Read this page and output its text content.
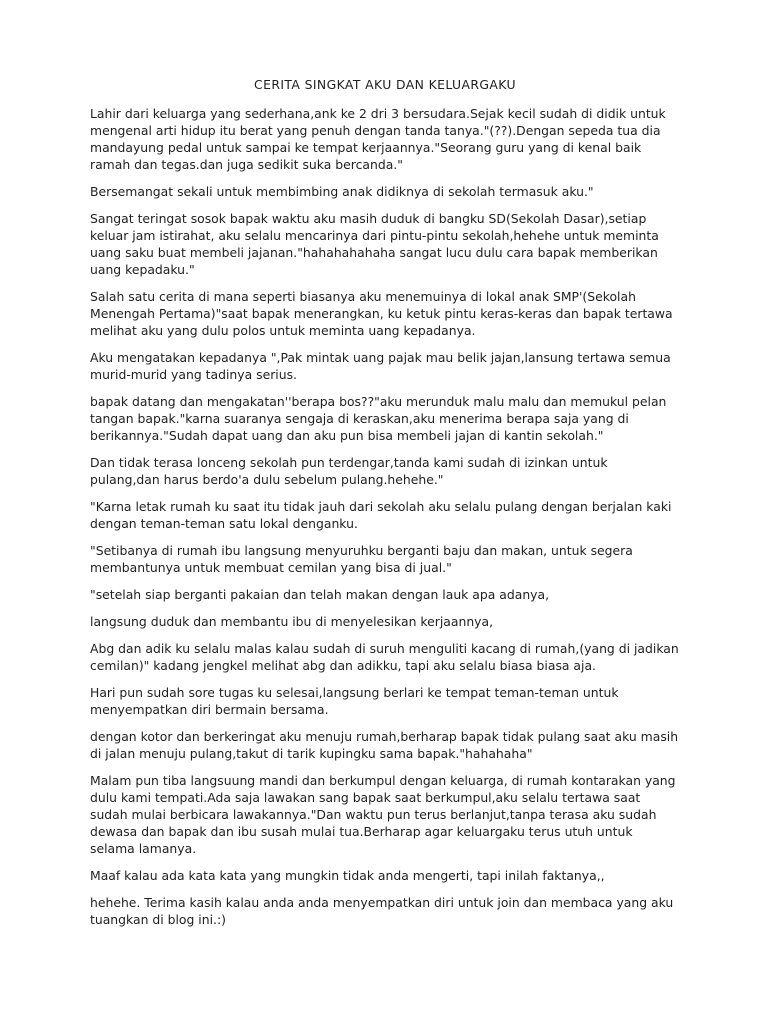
CERITA SINGKAT AKU DAN KELUARGAKU

Lahir dari keluarga yang sederhana,ank ke 2 dri 3 bersudara.Sejak kecil sudah di didik untuk mengenal arti hidup itu berat yang penuh dengan tanda tanya."(??).Dengan sepeda tua dia mandayung pedal untuk sampai ke tempat kerjaannya."Seorang guru yang di kenal baik ramah dan tegas.dan juga sedikit suka bercanda."

Bersemangat sekali untuk membimbing anak didiknya di sekolah termasuk aku."

Sangat teringat sosok bapak waktu aku masih duduk di bangku SD(Sekolah Dasar),setiap keluar jam istirahat, aku selalu mencarinya dari pintu-pintu sekolah,hehehe untuk meminta uang saku buat membeli jajanan."hahahahahaha sangat lucu dulu cara bapak memberikan uang kepadaku."

Salah satu cerita di mana seperti biasanya aku menemuinya di lokal anak SMP'(Sekolah Menengah Pertama)"saat bapak menerangkan, ku ketuk pintu keras-keras dan bapak tertawa melihat aku yang dulu polos untuk meminta uang kepadanya.

Aku mengatakan kepadanya ",Pak mintak uang pajak mau belik jajan,lansung tertawa semua murid-murid yang tadinya serius.

bapak datang dan mengakatan''berapa bos??"aku merunduk malu malu dan memukul pelan tangan bapak."karna suaranya sengaja di keraskan,aku menerima berapa saja yang di berikannya."Sudah dapat uang dan aku pun bisa membeli jajan di kantin sekolah."

Dan tidak terasa lonceng sekolah pun terdengar,tanda kami sudah di izinkan untuk pulang,dan harus berdo'a dulu sebelum pulang.hehehe."

"Karna letak rumah ku saat itu tidak jauh dari sekolah aku selalu pulang dengan berjalan kaki dengan teman-teman satu lokal denganku.

"Setibanya di rumah ibu langsung menyuruhku berganti baju dan makan, untuk segera membantunya untuk membuat cemilan yang bisa di jual."

"setelah siap berganti pakaian dan telah makan dengan lauk apa adanya,

langsung duduk dan membantu ibu di menyelesikan kerjaannya,

Abg dan adik ku selalu malas kalau sudah di suruh menguliti kacang di rumah,(yang di jadikan cemilan)" kadang jengkel melihat abg dan adikku, tapi aku selalu biasa biasa aja.

Hari pun sudah sore tugas ku selesai,langsung berlari ke tempat teman-teman untuk menyempatkan diri bermain bersama.

dengan kotor dan berkeringat aku menuju rumah,berharap bapak tidak pulang saat aku masih di jalan menuju pulang,takut di tarik kupingku sama bapak."hahahaha"

Malam pun tiba langsuung mandi dan berkumpul dengan keluarga, di rumah kontarakan yang dulu kami tempati.Ada saja lawakan sang bapak saat berkumpul,aku selalu tertawa saat sudah mulai berbicara lawakannya."Dan waktu pun terus berlanjut,tanpa terasa aku sudah dewasa dan bapak dan ibu susah mulai tua.Berharap agar keluargaku terus utuh untuk selama lamanya.

Maaf kalau ada kata kata yang mungkin tidak anda mengerti, tapi inilah faktanya,,

hehehe. Terima kasih kalau anda anda menyempatkan diri untuk join dan membaca yang aku tuangkan di blog ini.:)
